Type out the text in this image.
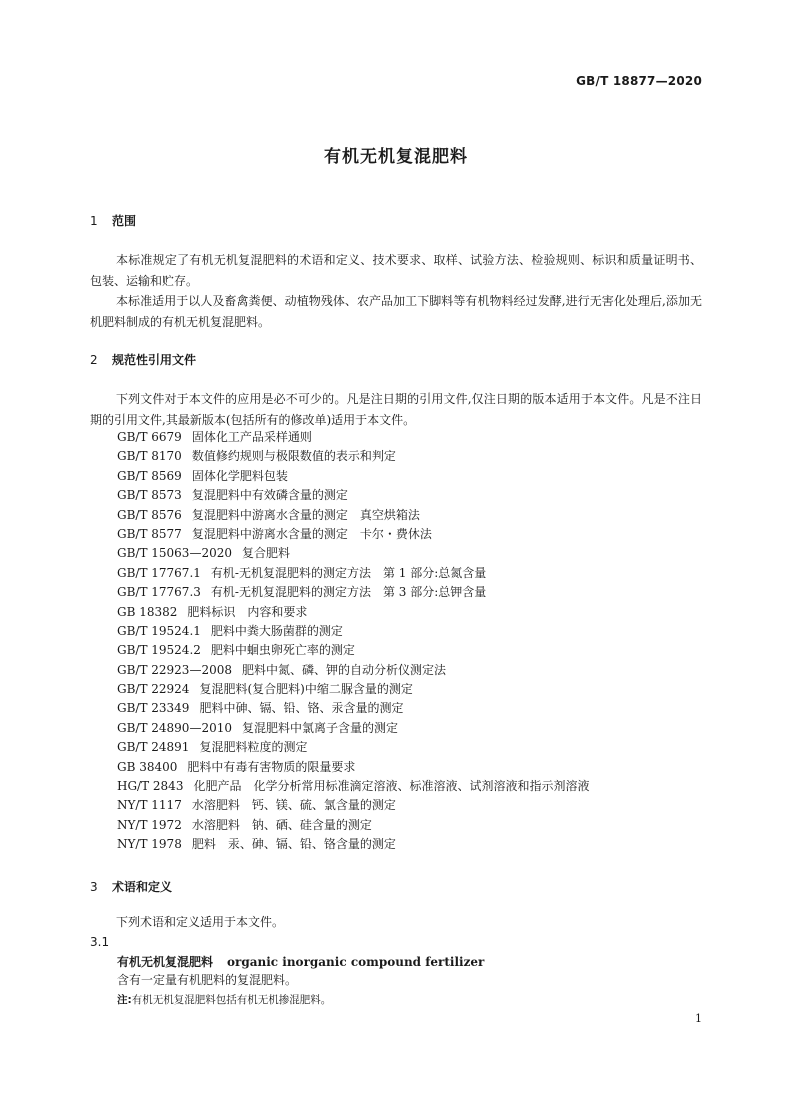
GB/T 18877—2020
有机无机复混肥料
1 范围
本标准规定了有机无机复混肥料的术语和定义、技术要求、取样、试验方法、检验规则、标识和质量证明书、包装、运输和贮存。
本标准适用于以人及畜禽粪便、动植物残体、农产品加工下脚料等有机物料经过发酵,进行无害化处理后,添加无机肥料制成的有机无机复混肥料。
2 规范性引用文件
下列文件对于本文件的应用是必不可少的。凡是注日期的引用文件,仅注日期的版本适用于本文件。凡是不注日期的引用文件,其最新版本(包括所有的修改单)适用于本文件。
GB/T 6679 固体化工产品采样通则
GB/T 8170 数值修约规则与极限数值的表示和判定
GB/T 8569 固体化学肥料包装
GB/T 8573 复混肥料中有效磷含量的测定
GB/T 8576 复混肥料中游离水含量的测定　真空烘箱法
GB/T 8577 复混肥料中游离水含量的测定　卡尔・费休法
GB/T 15063—2020 复合肥料
GB/T 17767.1 有机-无机复混肥料的测定方法　第 1 部分:总氮含量
GB/T 17767.3 有机-无机复混肥料的测定方法　第 3 部分:总钾含量
GB 18382 肥料标识　内容和要求
GB/T 19524.1 肥料中粪大肠菌群的测定
GB/T 19524.2 肥料中蛔虫卵死亡率的测定
GB/T 22923—2008 肥料中氮、磷、钾的自动分析仪测定法
GB/T 22924 复混肥料(复合肥料)中缩二脲含量的测定
GB/T 23349 肥料中砷、镉、铅、铬、汞含量的测定
GB/T 24890—2010 复混肥料中氯离子含量的测定
GB/T 24891 复混肥料粒度的测定
GB 38400 肥料中有毒有害物质的限量要求
HG/T 2843 化肥产品　化学分析常用标准滴定溶液、标准溶液、试剂溶液和指示剂溶液
NY/T 1117 水溶肥料　钙、镁、硫、氯含量的测定
NY/T 1972 水溶肥料　钠、硒、硅含量的测定
NY/T 1978 肥料　汞、砷、镉、铅、铬含量的测定
3 术语和定义
下列术语和定义适用于本文件。
3.1
有机无机复混肥料 organic inorganic compound fertilizer
含有一定量有机肥料的复混肥料。
注:有机无机复混肥料包括有机无机掺混肥料。
1
